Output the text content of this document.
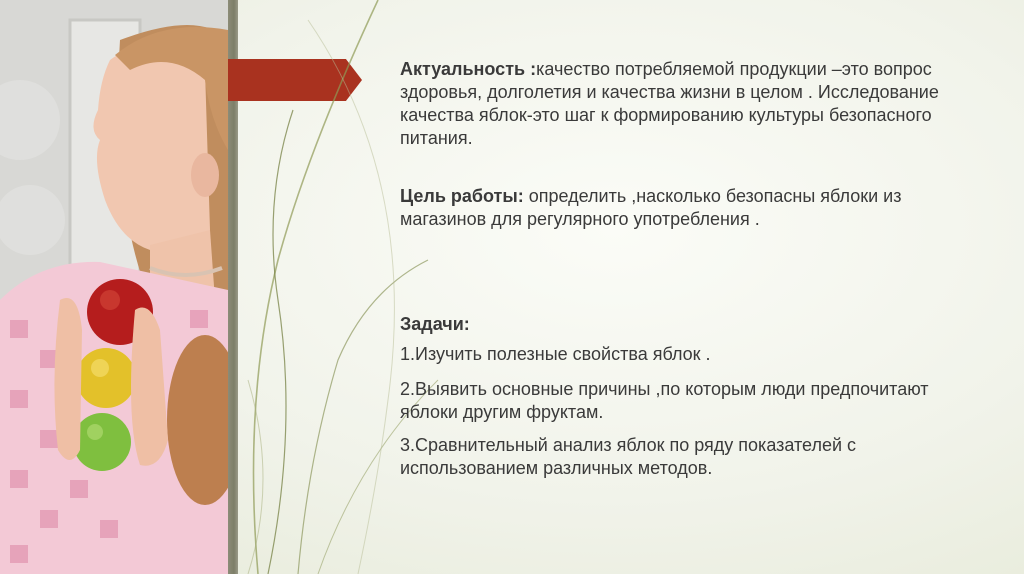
Актуальность :качество потребляемой продукции –это вопрос здоровья, долголетия и качества жизни в целом . Исследование качества яблок-это шаг к формированию культуры безопасного питания.
Цель работы: определить ,насколько безопасны яблоки из магазинов для регулярного употребления .
Задачи:
1.Изучить полезные свойства яблок .
2.Выявить основные причины ,по которым люди предпочитают яблоки другим фруктам.
3.Сравнительный анализ яблок по ряду показателей с использованием различных методов.
